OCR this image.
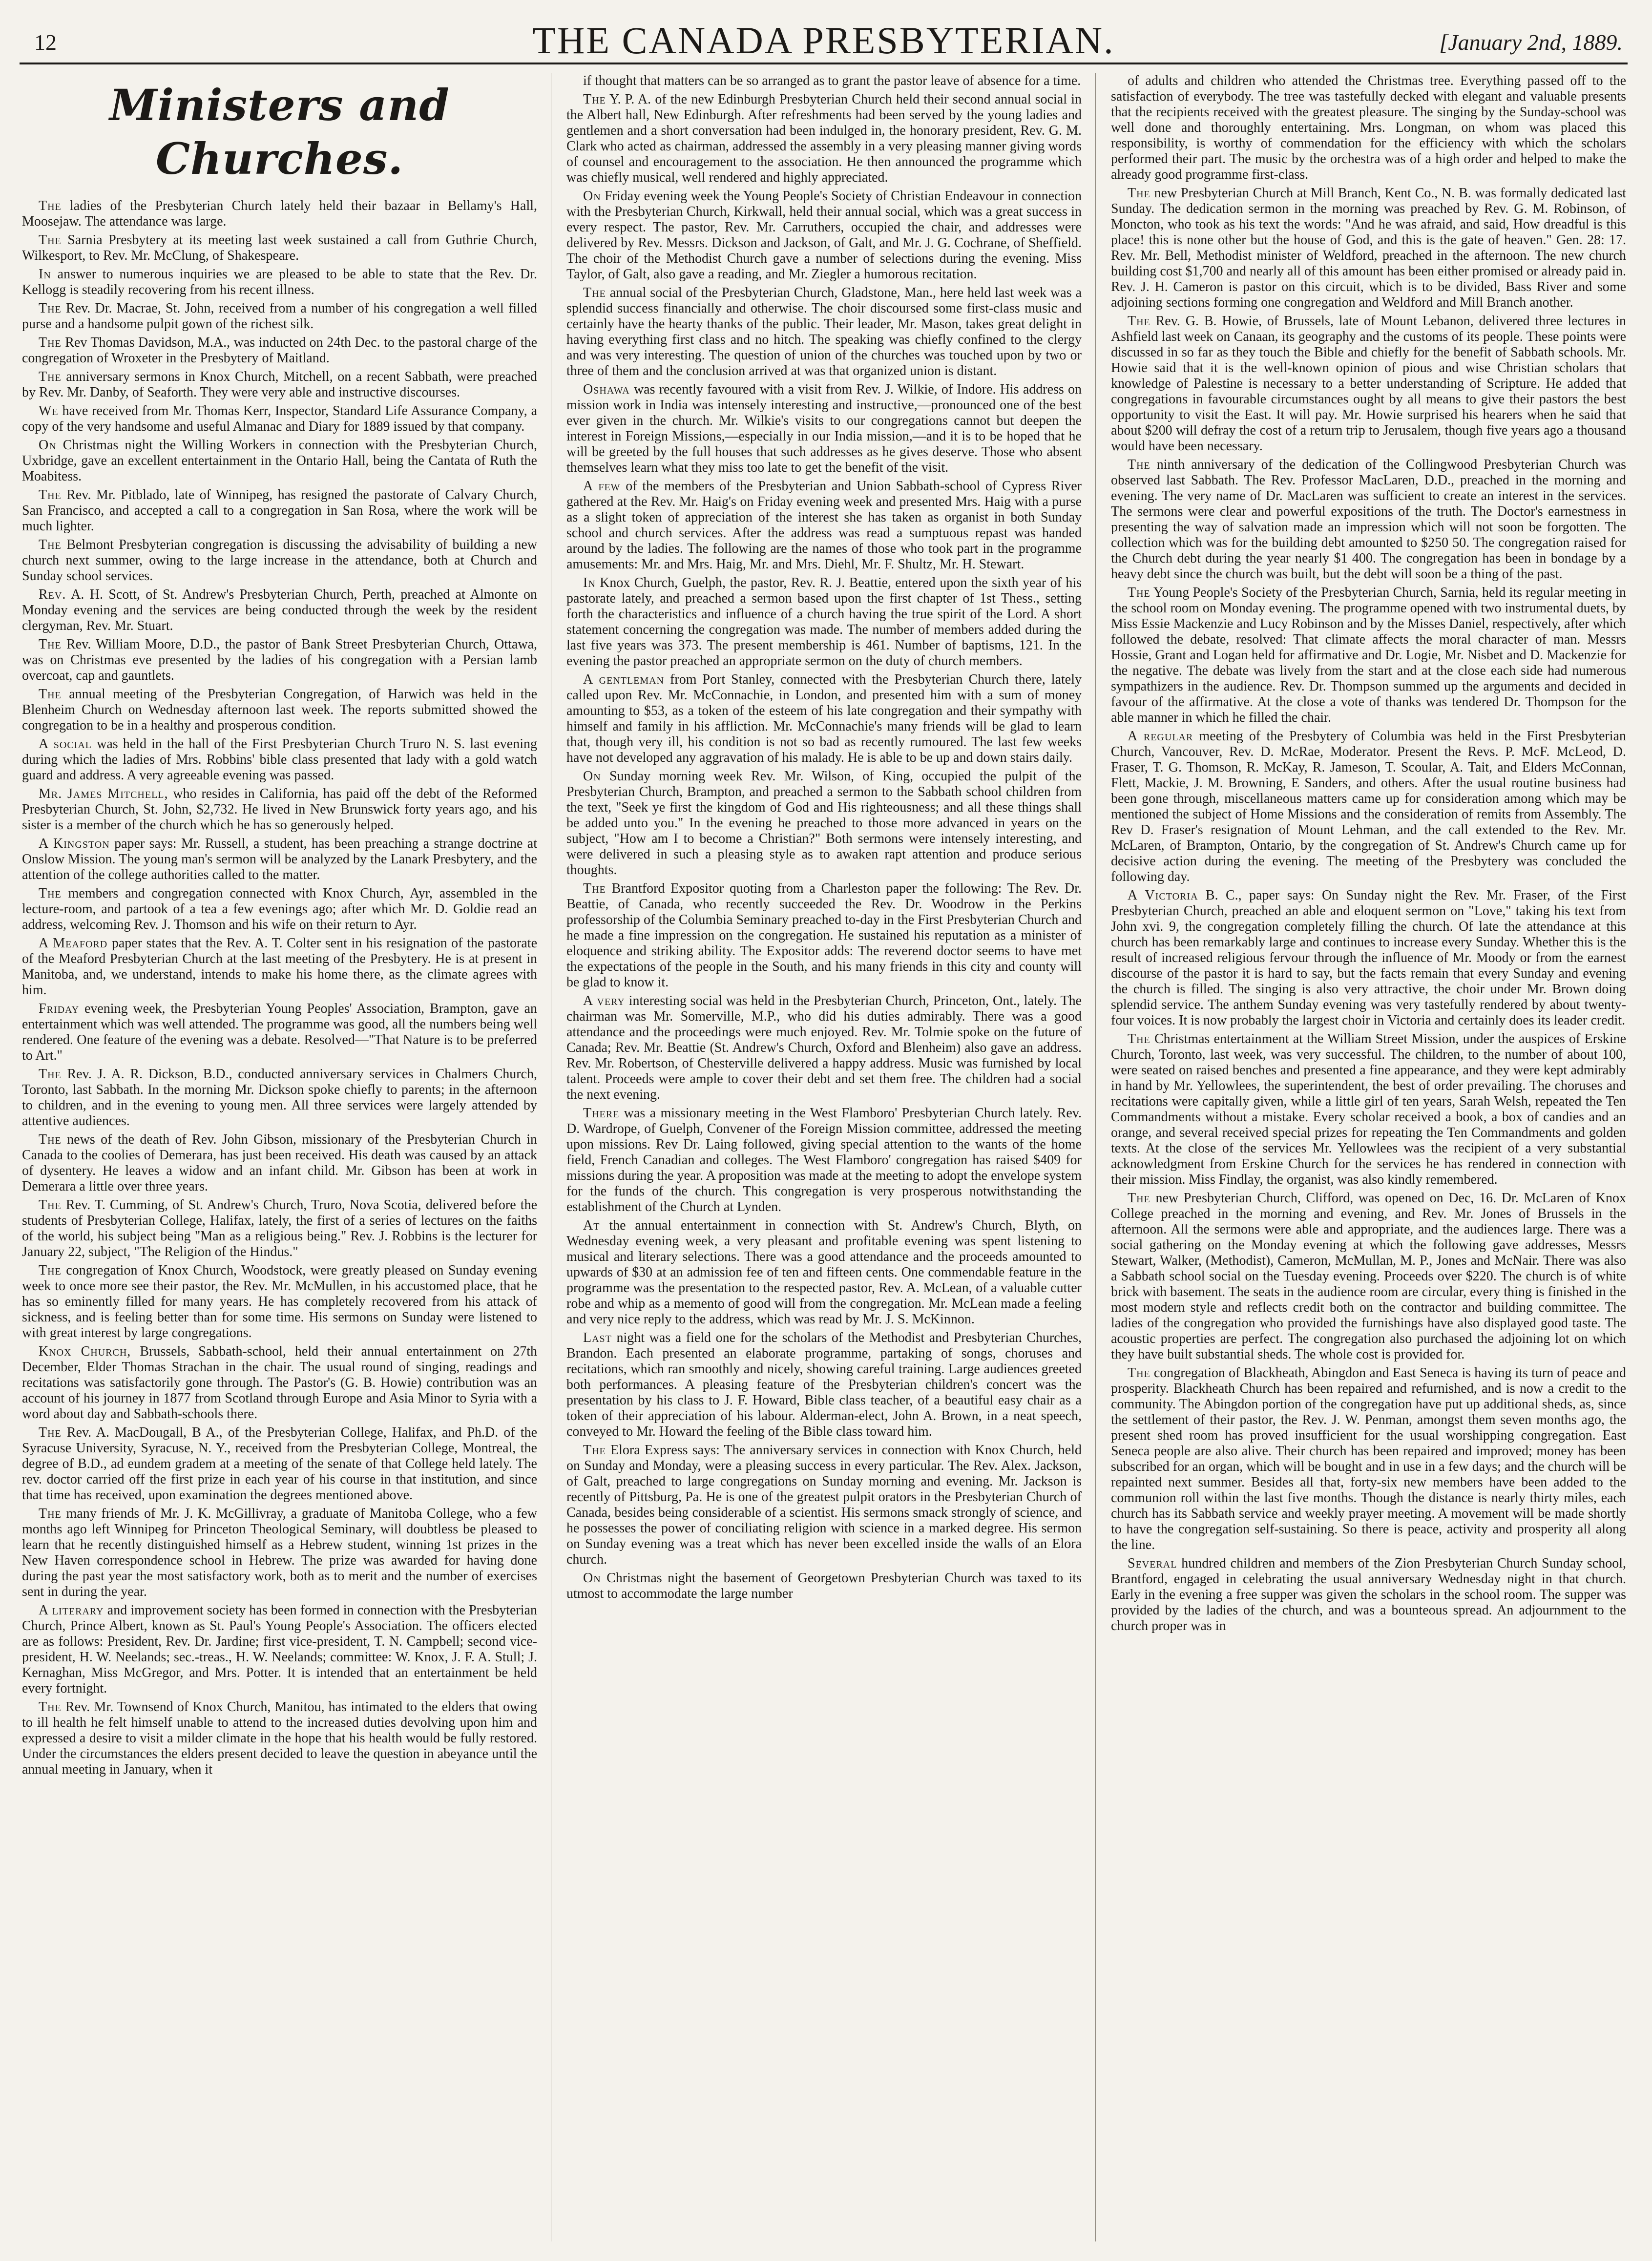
12	THE CANADA PRESBYTERIAN.	[January 2nd, 1889.
Ministers and Churches.

The ladies of the Presbyterian Church lately held their bazaar in Bellamy's Hall, Moosejaw. The attendance was large.

The Sarnia Presbytery at its meeting last week sustained a call from Guthrie Church, Wilkesport, to Rev. Mr. McClung, of Shakespeare.

In answer to numerous inquiries we are pleased to be able to state that the Rev. Dr. Kellogg is steadily recovering from his recent illness.

The Rev. Dr. Macrae, St. John, received from a number of his congregation a well filled purse and a handsome pulpit gown of the richest silk.

The Rev Thomas Davidson, M.A., was inducted on 24th Dec. to the pastoral charge of the congregation of Wroxeter in the Presbytery of Maitland.

The anniversary sermons in Knox Church, Mitchell, on a recent Sabbath, were preached by Rev. Mr. Danby, of Seaforth. They were very able and instructive discourses.

We have received from Mr. Thomas Kerr, Inspector, Standard Life Assurance Company, a copy of the very handsome and useful Almanac and Diary for 1889 issued by that company.

On Christmas night the Willing Workers in connection with the Presbyterian Church, Uxbridge, gave an excellent entertainment in the Ontario Hall, being the Cantata of Ruth the Moabitess.

The Rev. Mr. Pitblado, late of Winnipeg, has resigned the pastorate of Calvary Church, San Francisco, and accepted a call to a congregation in San Rosa, where the work will be much lighter.

The Belmont Presbyterian congregation is discussing the advisability of building a new church next summer, owing to the large increase in the attendance, both at Church and Sunday school services.

Rev. A. H. Scott, of St. Andrew's Presbyterian Church, Perth, preached at Almonte on Monday evening and the services are being conducted through the week by the resident clergyman, Rev. Mr. Stuart.

The Rev. William Moore, D.D., the pastor of Bank Street Presbyterian Church, Ottawa, was on Christmas eve presented by the ladies of his congregation with a Persian lamb overcoat, cap and gauntlets.

The annual meeting of the Presbyterian Congregation, of Harwich was held in the Blenheim Church on Wednesday afternoon last week. The reports submitted showed the congregation to be in a healthy and prosperous condition.

A social was held in the hall of the First Presbyterian Church Truro N. S. last evening during which the ladies of Mrs. Robbins' bible class presented that lady with a gold watch guard and address. A very agreeable evening was passed.

Mr. James Mitchell, who resides in California, has paid off the debt of the Reformed Presbyterian Church, St. John, $2,732. He lived in New Brunswick forty years ago, and his sister is a member of the church which he has so generously helped.

A Kingston paper says: Mr. Russell, a student, has been preaching a strange doctrine at Onslow Mission. The young man's sermon will be analyzed by the Lanark Presbytery, and the attention of the college authorities called to the matter.

The members and congregation connected with Knox Church, Ayr, assembled in the lecture-room, and partook of a tea a few evenings ago; after which Mr. D. Goldie read an address, welcoming Rev. J. Thomson and his wife on their return to Ayr.

A Meaford paper states that the Rev. A. T. Colter sent in his resignation of the pastorate of the Meaford Presbyterian Church at the last meeting of the Presbytery. He is at present in Manitoba, and, we understand, intends to make his home there, as the climate agrees with him.

Friday evening week, the Presbyterian Young Peoples' Association, Brampton, gave an entertainment which was well attended. The programme was good, all the numbers being well rendered. One feature of the evening was a debate. Resolved—"That Nature is to be preferred to Art."

The Rev. J. A. R. Dickson, B.D., conducted anniversary services in Chalmers Church, Toronto, last Sabbath. In the morning Mr. Dickson spoke chiefly to parents; in the afternoon to children, and in the evening to young men. All three services were largely attended by attentive audiences.

The news of the death of Rev. John Gibson, missionary of the Presbyterian Church in Canada to the coolies of Demerara, has just been received. His death was caused by an attack of dysentery. He leaves a widow and an infant child. Mr. Gibson has been at work in Demerara a little over three years.

The Rev. T. Cumming, of St. Andrew's Church, Truro, Nova Scotia, delivered before the students of Presbyterian College, Halifax, lately, the first of a series of lectures on the faiths of the world, his subject being "Man as a religious being." Rev. J. Robbins is the lecturer for January 22, subject, "The Religion of the Hindus."

The congregation of Knox Church, Woodstock, were greatly pleased on Sunday evening week to once more see their pastor, the Rev. Mr. McMullen, in his accustomed place, that he has so eminently filled for many years. He has completely recovered from his attack of sickness, and is feeling better than for some time. His sermons on Sunday were listened to with great interest by large congregations.

Knox Church, Brussels, Sabbath-school, held their annual entertainment on 27th December, Elder Thomas Strachan in the chair. The usual round of singing, readings and recitations was satisfactorily gone through. The Pastor's (G. B. Howie) contribution was an account of his journey in 1877 from Scotland through Europe and Asia Minor to Syria with a word about day and Sabbath-schools there.

The Rev. A. MacDougall, B A., of the Presbyterian College, Halifax, and Ph.D. of the Syracuse University, Syracuse, N. Y., received from the Presbyterian College, Montreal, the degree of B.D., ad eundem gradem at a meeting of the senate of that College held lately. The rev. doctor carried off the first prize in each year of his course in that institution, and since that time has received, upon examination the degrees mentioned above.

The many friends of Mr. J. K. McGillivray, a graduate of Manitoba College, who a few months ago left Winnipeg for Princeton Theological Seminary, will doubtless be pleased to learn that he recently distinguished himself as a Hebrew student, winning 1st prizes in the New Haven correspondence school in Hebrew. The prize was awarded for having done during the past year the most satisfactory work, both as to merit and the number of exercises sent in during the year.

A literary and improvement society has been formed in connection with the Presbyterian Church, Prince Albert, known as St. Paul's Young People's Association. The officers elected are as follows: President, Rev. Dr. Jardine; first vice-president, T. N. Campbell; second vice-president, H. W. Neelands; sec.-treas., H. W. Neelands; committee: W. Knox, J. F. A. Stull; J. Kernaghan, Miss McGregor, and Mrs. Potter. It is intended that an entertainment be held every fortnight.

The Rev. Mr. Townsend of Knox Church, Manitou, has intimated to the elders that owing to ill health he felt himself unable to attend to the increased duties devolving upon him and expressed a desire to visit a milder climate in the hope that his health would be fully restored. Under the circumstances the elders present decided to leave the question in abeyance until the annual meeting in January, when it

if thought that matters can be so arranged as to grant the pastor leave of absence for a time.

The Y. P. A. of the new Edinburgh Presbyterian Church held their second annual social in the Albert hall, New Edinburgh. After refreshments had been served by the young ladies and gentlemen and a short conversation had been indulged in, the honorary president, Rev. G. M. Clark who acted as chairman, addressed the assembly in a very pleasing manner giving words of counsel and encouragement to the association. He then announced the programme which was chiefly musical, well rendered and highly appreciated.

On Friday evening week the Young People's Society of Christian Endeavour in connection with the Presbyterian Church, Kirkwall, held their annual social, which was a great success in every respect. The pastor, Rev. Mr. Carruthers, occupied the chair, and addresses were delivered by Rev. Messrs. Dickson and Jackson, of Galt, and Mr. J. G. Cochrane, of Sheffield. The choir of the Methodist Church gave a number of selections during the evening. Miss Taylor, of Galt, also gave a reading, and Mr. Ziegler a humorous recitation.

The annual social of the Presbyterian Church, Gladstone, Man., here held last week was a splendid success financially and otherwise. The choir discoursed some first-class music and certainly have the hearty thanks of the public. Their leader, Mr. Mason, takes great delight in having everything first class and no hitch. The speaking was chiefly confined to the clergy and was very interesting. The question of union of the churches was touched upon by two or three of them and the conclusion arrived at was that organized union is distant.

Oshawa was recently favoured with a visit from Rev. J. Wilkie, of Indore. His address on mission work in India was intensely interesting and instructive,—pronounced one of the best ever given in the church. Mr. Wilkie's visits to our congregations cannot but deepen the interest in Foreign Missions,—especially in our India mission,—and it is to be hoped that he will be greeted by the full houses that such addresses as he gives deserve. Those who absent themselves learn what they miss too late to get the benefit of the visit.

A few of the members of the Presbyterian and Union Sabbath-school of Cypress River gathered at the Rev. Mr. Haig's on Friday evening week and presented Mrs. Haig with a purse as a slight token of appreciation of the interest she has taken as organist in both Sunday school and church services. After the address was read a sumptuous repast was handed around by the ladies. The following are the names of those who took part in the programme amusements: Mr. and Mrs. Haig, Mr. and Mrs. Diehl, Mr. F. Shultz, Mr. H. Stewart.

In Knox Church, Guelph, the pastor, Rev. R. J. Beattie, entered upon the sixth year of his pastorate lately, and preached a sermon based upon the first chapter of 1st Thess., setting forth the characteristics and influence of a church having the true spirit of the Lord. A short statement concerning the congregation was made. The number of members added during the last five years was 373. The present membership is 461. Number of baptisms, 121. In the evening the pastor preached an appropriate sermon on the duty of church members.

A gentleman from Port Stanley, connected with the Presbyterian Church there, lately called upon Rev. Mr. McConnachie, in London, and presented him with a sum of money amounting to $53, as a token of the esteem of his late congregation and their sympathy with himself and family in his affliction. Mr. McConnachie's many friends will be glad to learn that, though very ill, his condition is not so bad as recently rumoured. The last few weeks have not developed any aggravation of his malady. He is able to be up and down stairs daily.

On Sunday morning week Rev. Mr. Wilson, of King, occupied the pulpit of the Presbyterian Church, Brampton, and preached a sermon to the Sabbath school children from the text, "Seek ye first the kingdom of God and His righteousness; and all these things shall be added unto you." In the evening he preached to those more advanced in years on the subject, "How am I to become a Christian?" Both sermons were intensely interesting, and were delivered in such a pleasing style as to awaken rapt attention and produce serious thoughts.

The Brantford Expositor quoting from a Charleston paper the following: The Rev. Dr. Beattie, of Canada, who recently succeeded the Rev. Dr. Woodrow in the Perkins professorship of the Columbia Seminary preached to-day in the First Presbyterian Church and he made a fine impression on the congregation. He sustained his reputation as a minister of eloquence and striking ability. The Expositor adds: The reverend doctor seems to have met the expectations of the people in the South, and his many friends in this city and county will be glad to know it.

A very interesting social was held in the Presbyterian Church, Princeton, Ont., lately. The chairman was Mr. Somerville, M.P., who did his duties admirably. There was a good attendance and the proceedings were much enjoyed. Rev. Mr. Tolmie spoke on the future of Canada; Rev. Mr. Beattie (St. Andrew's Church, Oxford and Blenheim) also gave an address. Rev. Mr. Robertson, of Chesterville delivered a happy address. Music was furnished by local talent. Proceeds were ample to cover their debt and set them free. The children had a social the next evening.

There was a missionary meeting in the West Flamboro' Presbyterian Church lately. Rev. D. Wardrope, of Guelph, Convener of the Foreign Mission committee, addressed the meeting upon missions. Rev Dr. Laing followed, giving special attention to the wants of the home field, French Canadian and colleges. The West Flamboro' congregation has raised $409 for missions during the year. A proposition was made at the meeting to adopt the envelope system for the funds of the church. This congregation is very prosperous notwithstanding the establishment of the Church at Lynden.

At the annual entertainment in connection with St. Andrew's Church, Blyth, on Wednesday evening week, a very pleasant and profitable evening was spent listening to musical and literary selections. There was a good attendance and the proceeds amounted to upwards of $30 at an admission fee of ten and fifteen cents. One commendable feature in the programme was the presentation to the respected pastor, Rev. A. McLean, of a valuable cutter robe and whip as a memento of good will from the congregation. Mr. McLean made a feeling and very nice reply to the address, which was read by Mr. J. S. McKinnon.

Last night was a field one for the scholars of the Methodist and Presbyterian Churches, Brandon. Each presented an elaborate programme, partaking of songs, choruses and recitations, which ran smoothly and nicely, showing careful training. Large audiences greeted both performances. A pleasing feature of the Presbyterian children's concert was the presentation by his class to J. F. Howard, Bible class teacher, of a beautiful easy chair as a token of their appreciation of his labour. Alderman-elect, John A. Brown, in a neat speech, conveyed to Mr. Howard the feeling of the Bible class toward him.

The Elora Express says: The anniversary services in connection with Knox Church, held on Sunday and Monday, were a pleasing success in every particular. The Rev. Alex. Jackson, of Galt, preached to large congregations on Sunday morning and evening. Mr. Jackson is recently of Pittsburg, Pa. He is one of the greatest pulpit orators in the Presbyterian Church of Canada, besides being considerable of a scientist. His sermons smack strongly of science, and he possesses the power of conciliating religion with science in a marked degree. His sermon on Sunday evening was a treat which has never been excelled inside the walls of an Elora church.

On Christmas night the basement of Georgetown Presbyterian Church was taxed to its utmost to accommodate the large number

of adults and children who attended the Christmas tree. Everything passed off to the satisfaction of everybody. The tree was tastefully decked with elegant and valuable presents that the recipients received with the greatest pleasure. The singing by the Sunday-school was well done and thoroughly entertaining. Mrs. Longman, on whom was placed this responsibility, is worthy of commendation for the efficiency with which the scholars performed their part. The music by the orchestra was of a high order and helped to make the already good programme first-class.

The new Presbyterian Church at Mill Branch, Kent Co., N. B. was formally dedicated last Sunday. The dedication sermon in the morning was preached by Rev. G. M. Robinson, of Moncton, who took as his text the words: "And he was afraid, and said, How dreadful is this place! this is none other but the house of God, and this is the gate of heaven." Gen. 28: 17. Rev. Mr. Bell, Methodist minister of Weldford, preached in the afternoon. The new church building cost $1,700 and nearly all of this amount has been either promised or already paid in. Rev. J. H. Cameron is pastor on this circuit, which is to be divided, Bass River and some adjoining sections forming one congregation and Weldford and Mill Branch another.

The Rev. G. B. Howie, of Brussels, late of Mount Lebanon, delivered three lectures in Ashfield last week on Canaan, its geography and the customs of its people. These points were discussed in so far as they touch the Bible and chiefly for the benefit of Sabbath schools. Mr. Howie said that it is the well-known opinion of pious and wise Christian scholars that knowledge of Palestine is necessary to a better understanding of Scripture. He added that congregations in favourable circumstances ought by all means to give their pastors the best opportunity to visit the East. It will pay. Mr. Howie surprised his hearers when he said that about $200 will defray the cost of a return trip to Jerusalem, though five years ago a thousand would have been necessary.

The ninth anniversary of the dedication of the Collingwood Presbyterian Church was observed last Sabbath. The Rev. Professor MacLaren, D.D., preached in the morning and evening. The very name of Dr. MacLaren was sufficient to create an interest in the services. The sermons were clear and powerful expositions of the truth. The Doctor's earnestness in presenting the way of salvation made an impression which will not soon be forgotten. The collection which was for the building debt amounted to $250 50. The congregation raised for the Church debt during the year nearly $1 400. The congregation has been in bondage by a heavy debt since the church was built, but the debt will soon be a thing of the past.

The Young People's Society of the Presbyterian Church, Sarnia, held its regular meeting in the school room on Monday evening. The programme opened with two instrumental duets, by Miss Essie Mackenzie and Lucy Robinson and by the Misses Daniel, respectively, after which followed the debate, resolved: That climate affects the moral character of man. Messrs Hossie, Grant and Logan held for affirmative and Dr. Logie, Mr. Nisbet and D. Mackenzie for the negative. The debate was lively from the start and at the close each side had numerous sympathizers in the audience. Rev. Dr. Thompson summed up the arguments and decided in favour of the affirmative. At the close a vote of thanks was tendered Dr. Thompson for the able manner in which he filled the chair.

A regular meeting of the Presbytery of Columbia was held in the First Presbyterian Church, Vancouver, Rev. D. McRae, Moderator. Present the Revs. P. McF. McLeod, D. Fraser, T. G. Thomson, R. McKay, R. Jameson, T. Scoular, A. Tait, and Elders McConnan, Flett, Mackie, J. M. Browning, E Sanders, and others. After the usual routine business had been gone through, miscellaneous matters came up for consideration among which may be mentioned the subject of Home Missions and the consideration of remits from Assembly. The Rev D. Fraser's resignation of Mount Lehman, and the call extended to the Rev. Mr. McLaren, of Brampton, Ontario, by the congregation of St. Andrew's Church came up for decisive action during the evening. The meeting of the Presbytery was concluded the following day.

A Victoria B. C., paper says: On Sunday night the Rev. Mr. Fraser, of the First Presbyterian Church, preached an able and eloquent sermon on "Love," taking his text from John xvi. 9, the congregation completely filling the church. Of late the attendance at this church has been remarkably large and continues to increase every Sunday. Whether this is the result of increased religious fervour through the influence of Mr. Moody or from the earnest discourse of the pastor it is hard to say, but the facts remain that every Sunday and evening the church is filled. The singing is also very attractive, the choir under Mr. Brown doing splendid service. The anthem Sunday evening was very tastefully rendered by about twenty-four voices. It is now probably the largest choir in Victoria and certainly does its leader credit.

The Christmas entertainment at the William Street Mission, under the auspices of Erskine Church, Toronto, last week, was very successful. The children, to the number of about 100, were seated on raised benches and presented a fine appearance, and they were kept admirably in hand by Mr. Yellowlees, the superintendent, the best of order prevailing. The choruses and recitations were capitally given, while a little girl of ten years, Sarah Welsh, repeated the Ten Commandments without a mistake. Every scholar received a book, a box of candies and an orange, and several received special prizes for repeating the Ten Commandments and golden texts. At the close of the services Mr. Yellowlees was the recipient of a very substantial acknowledgment from Erskine Church for the services he has rendered in connection with their mission. Miss Findlay, the organist, was also kindly remembered.

The new Presbyterian Church, Clifford, was opened on Dec, 16. Dr. McLaren of Knox College preached in the morning and evening, and Rev. Mr. Jones of Brussels in the afternoon. All the sermons were able and appropriate, and the audiences large. There was a social gathering on the Monday evening at which the following gave addresses, Messrs Stewart, Walker, (Methodist), Cameron, McMullan, M. P., Jones and McNair. There was also a Sabbath school social on the Tuesday evening. Proceeds over $220. The church is of white brick with basement. The seats in the audience room are circular, every thing is finished in the most modern style and reflects credit both on the contractor and building committee. The ladies of the congregation who provided the furnishings have also displayed good taste. The acoustic properties are perfect. The congregation also purchased the adjoining lot on which they have built substantial sheds. The whole cost is provided for.

The congregation of Blackheath, Abingdon and East Seneca is having its turn of peace and prosperity. Blackheath Church has been repaired and refurnished, and is now a credit to the community. The Abingdon portion of the congregation have put up additional sheds, as, since the settlement of their pastor, the Rev. J. W. Penman, amongst them seven months ago, the present shed room has proved insufficient for the usual worshipping congregation. East Seneca people are also alive. Their church has been repaired and improved; money has been subscribed for an organ, which will be bought and in use in a few days; and the church will be repainted next summer. Besides all that, forty-six new members have been added to the communion roll within the last five months. Though the distance is nearly thirty miles, each church has its Sabbath service and weekly prayer meeting. A movement will be made shortly to have the congregation self-sustaining. So there is peace, activity and prosperity all along the line.

Several hundred children and members of the Zion Presbyterian Church Sunday school, Brantford, engaged in celebrating the usual anniversary Wednesday night in that church. Early in the evening a free supper was given the scholars in the school room. The supper was provided by the ladies of the church, and was a bounteous spread. An adjournment to the church proper was in
